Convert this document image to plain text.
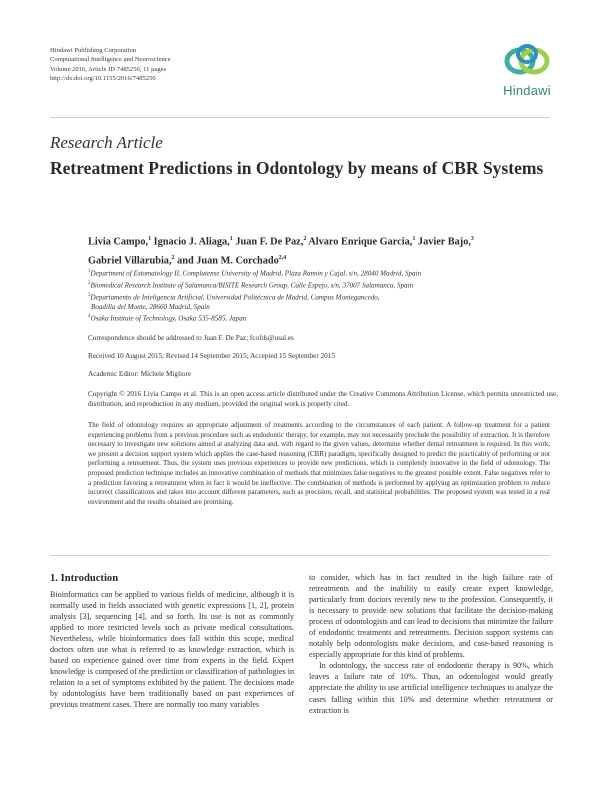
Hindawi Publishing Corporation
Computational Intelligence and Neuroscience
Volume 2016, Article ID 7485250, 11 pages
http://dx.doi.org/10.1155/2016/7485250
Hindawi
Research Article
Retreatment Predictions in Odontology by means of CBR Systems
Livia Campo,$^1$ Ignacio J. Aliaga,$^1$ Juan F. De Paz,$^2$ Alvaro Enrique Garcia,$^1$ Javier Bajo,$^3$
Gabriel Villarubia,$^2$ and Juan M. Corchado$^{2,4}$
$^1$Department of Estomatology II, Complutense University of Madrid, Plaza Ramón y Cajal, s/n, 28040 Madrid, Spain
$^2$Biomedical Research Institute of Salamanca/BISITE Research Group, Calle Espejo, s/n, 37007 Salamanca, Spain
$^3$Departamento de Inteligencia Artificial, Universidad Politécnica de Madrid, Campus Montegancedo,
Boadilla del Monte, 28660 Madrid, Spain
$^4$Osaka Institute of Technology, Osaka 535-8585, Japan
Correspondence should be addressed to Juan F. De Paz; fcofds@usal.es
Received 10 August 2015; Revised 14 September 2015; Accepted 15 September 2015
Academic Editor: Michele Migliore
Copyright © 2016 Livia Campo et al. This is an open access article distributed under the Creative Commons Attribution License, which permits unrestricted use, distribution, and reproduction in any medium, provided the original work is properly cited.
The field of odontology requires an appropriate adjustment of treatments according to the circumstances of each patient. A follow-up treatment for a patient experiencing problems from a previous procedure such as endodontic therapy, for example, may not necessarily preclude the possibility of extraction. It is therefore necessary to investigate new solutions aimed at analyzing data and, with regard to the given values, determine whether dental retreatment is required. In this work, we present a decision support system which applies the case-based reasoning (CBR) paradigm, specifically designed to predict the practicality of performing or not performing a retreatment. Thus, the system uses previous experiences to provide new predictions, which is completely innovative in the field of odontology. The proposed prediction technique includes an innovative combination of methods that minimizes false negatives to the greatest possible extent. False negatives refer to a prediction favoring a retreatment when in fact it would be ineffective. The combination of methods is performed by applying an optimization problem to reduce incorrect classifications and takes into account different parameters, such as precision, recall, and statistical probabilities. The proposed system was tested in a real environment and the results obtained are promising.
1. Introduction

Bioinformatics can be applied to various fields of medicine, although it is normally used in fields associated with genetic expressions [1, 2], protein analysis [3], sequencing [4], and so forth. Its use is not as commonly applied to more restricted levels such as private medical consultations. Nevertheless, while bioinformatics does fall within this scope, medical doctors often use what is referred to as knowledge extraction, which is based on experience gained over time from experts in the field. Expert knowledge is composed of the prediction or classification of pathologies in relation to a set of symptoms exhibited by the patient. The decisions made by odontologists have been traditionally based on past experiences of previous treatment cases. There are normally too many variables

to consider, which has in fact resulted in the high failure rate of retreatments and the inability to easily create expert knowledge, particularly from doctors recently new to the profession. Consequently, it is necessary to provide new solutions that facilitate the decision-making process of odontologists and can lead to decisions that minimize the failure of endodontic treatments and retreatments. Decision support systems can notably help odontologists make decisions, and case-based reasoning is especially appropriate for this kind of problems.

In odontology, the success rate of endodontic therapy is 90%, which leaves a failure rate of 10%. Thus, an odontologist would greatly appreciate the ability to use artificial intelligence techniques to analyze the cases falling within this 10% and determine whether retreatment or extraction is
